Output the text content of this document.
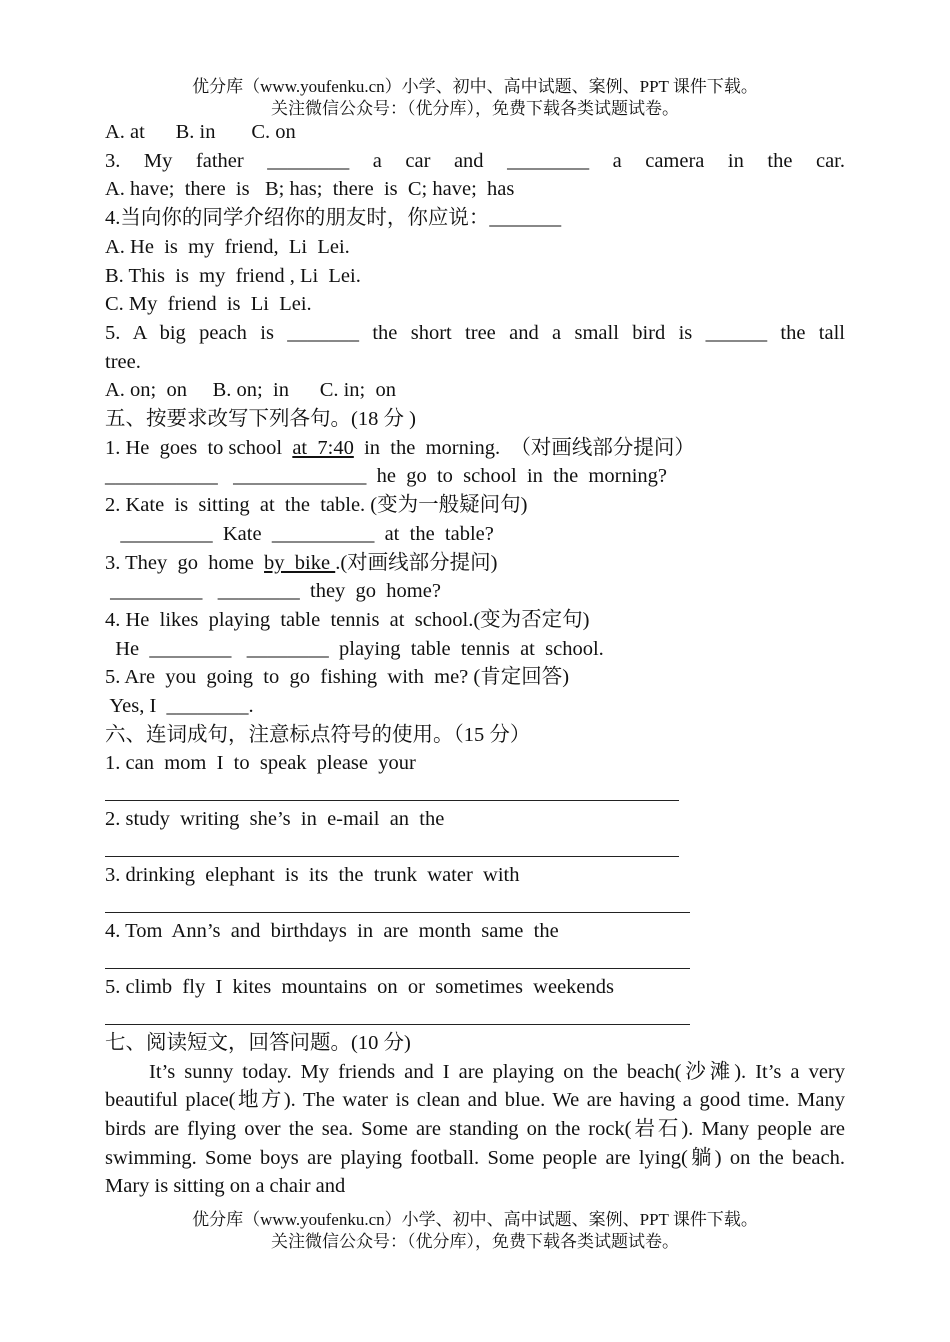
优分库（www.youfenku.cn）小学、初中、高中试题、案例、PPT 课件下载。
关注微信公众号：（优分库），免费下载各类试题试卷。
A. at      B. in       C. on
3. My father ________ a car and ________ a camera in the car.
A. have;  there  is   B; has;  there  is  C; have;  has
4.当向你的同学介绍你的朋友时，你应说：_______
A. He  is  my  friend,  Li  Lei.
B. This  is  my  friend , Li  Lei.
C. My  friend  is  Li  Lei.
5. A big peach is _______ the short tree and a small bird is ______ the tall
tree.
A. on;  on     B. on;  in      C. in;  on
五、按要求改写下列各句。(18 分 )
1. He  goes  to school  at  7:40  in  the  morning.  （对画线部分提问）
___________   _____________  he  go  to  school  in  the  morning?
2. Kate  is  sitting  at  the  table. (变为一般疑问句)
_________  Kate  __________  at  the  table?
3. They  go  home  by  bike .(对画线部分提问)
_________   ________  they  go  home?
4. He  likes  playing  table  tennis  at  school.(变为否定句)
He  ________   ________  playing  table  tennis  at  school.
5. Are  you  going  to  go  fishing  with  me? (肯定回答)
Yes, I  ________.
六、连词成句，注意标点符号的使用。（15 分）
1. can  mom  I  to  speak  please  your
2. study  writing  she’s  in  e-mail  an  the
3. drinking  elephant  is  its  the  trunk  water  with
4. Tom  Ann’s  and  birthdays  in  are  month  same  the
5. climb  fly  I  kites  mountains  on  or  sometimes  weekends
七、阅读短文，回答问题。(10 分)
It’s sunny today. My friends and I are playing on the beach(沙滩). It’s a very beautiful place(地方). The water is clean and blue. We are having a good time. Many birds are flying over the sea. Some are standing on the rock(岩石). Many people are swimming. Some boys are playing football. Some people are lying(躺) on the beach. Mary is sitting on a chair and
优分库（www.youfenku.cn）小学、初中、高中试题、案例、PPT 课件下载。
关注微信公众号：（优分库），免费下载各类试题试卷。
